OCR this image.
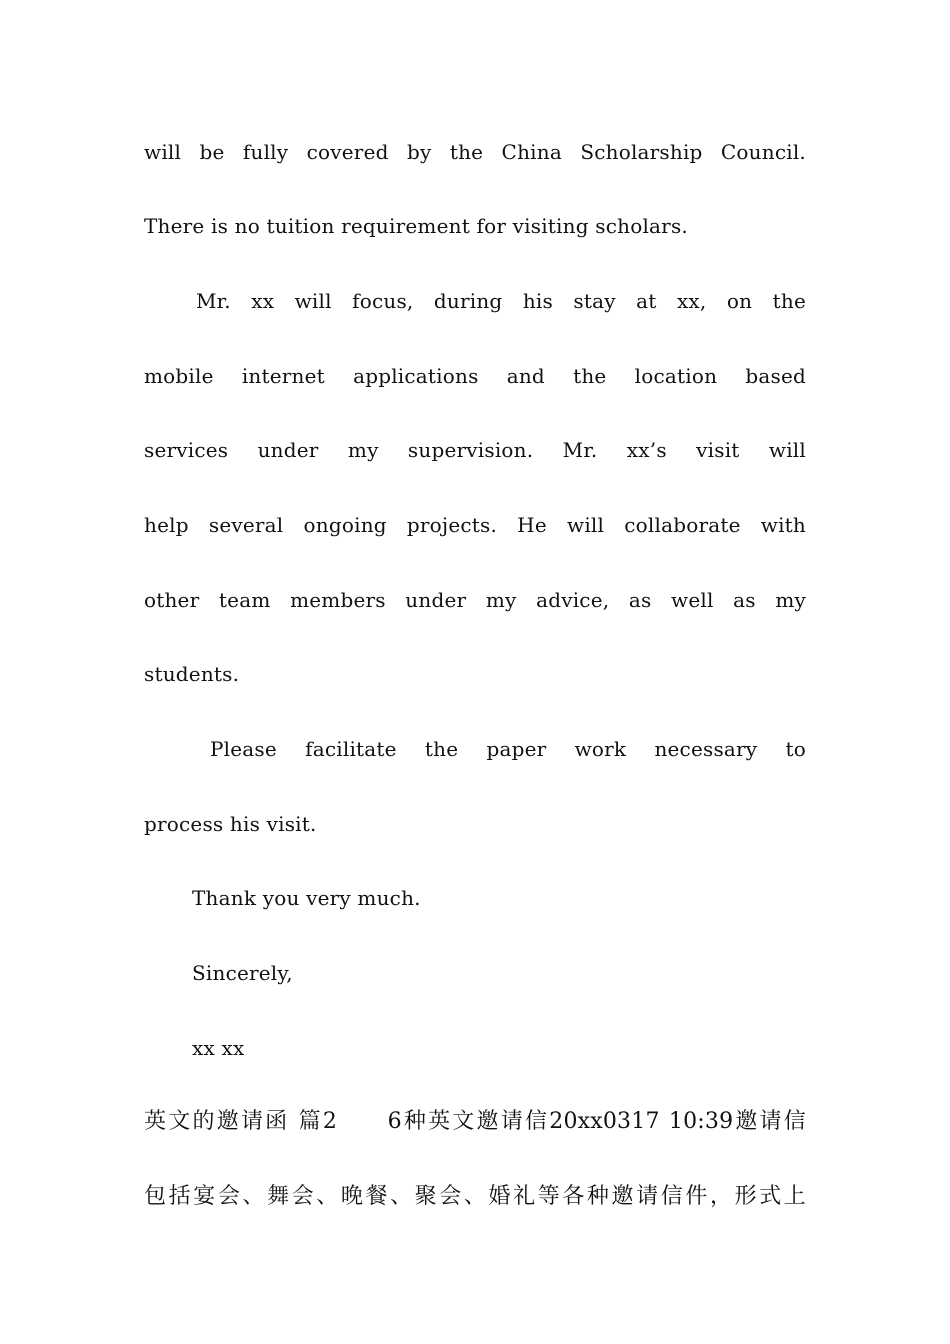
will be fully covered by the China Scholarship Council.
There is no tuition requirement for visiting scholars.
Mr. xx will focus, during his stay at xx, on the
mobile internet applications and the location based
services under my supervision. Mr. xx’s visit will
help several ongoing projects. He will collaborate with
other team members under my advice, as well as my
students.
Please facilitate the paper work necessary to
process his visit.
Thank you very much.
Sincerely,
xx xx
英文的邀请函 篇2　　6种英文邀请信20xx0317 10:39邀请信
包括宴会、舞会、晚餐、聚会、婚礼等各种邀请信件，形式上
